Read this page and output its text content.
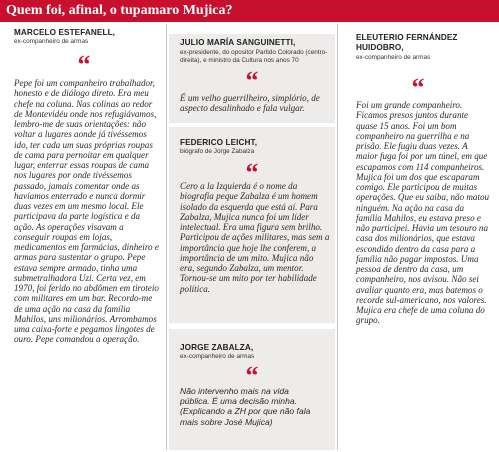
Quem foi, afinal, o tupamaro Mujica?
MARCELO ESTEFANELL,
ex-companheiro de armas
“
Pepe foi um companheiro trabalhador, honesto e de diálogo direto. Era meu chefe na coluna. Nas colinas ao redor de Montevidéu onde nos refugiávamos, lembro-me de suas orientações: não voltar a lugares aonde já tivéssemos ido, ter cada um suas próprias roupas de cama para pernoitar em qualquer lugar, enterrar essas roupas de cama nos lugares por onde tivéssemos passado, jamais comentar onde as havíamos enterrado e nunca dormir duas vezes em um mesmo local. Ele participava da parte logística e da ação. As operações visavam a conseguir roupas em lojas, medicamentos em farmácias, dinheiro e armas para sustentar o grupo. Pepe estava sempre armado, tinha uma submetralhadora Uzi. Certa vez, em 1970, foi ferido no abdômen em tiroteio com militares em um bar. Recordo-me de uma ação na casa da família Mahilos, uns milionários. Arrombamos uma caixa-forte e pegamos lingotes de ouro. Pepe comandou a operação.
JULIO MARÍA SANGUINETTI,
ex-presidente, do opositor Partido Colorado (centro-direita), e ministro da Cultura nos anos 70
“
É um velho guerrilheiro, simplório, de aspecto desalinhado e fala vulgar.
FEDERICO LEICHT,
biógrafo de Jorge Zabalza
“
Cero a la Izquierda é o nome da biografia peque Zabalza é um homem isolado da esquerda que está aí. Para Zabalza, Mujica nunca foi um líder intelectual. Era uma figura sem brilho. Participou de ações militares, mas sem a importância que hoje lhe conferem, a importância de um mito. Mujica não era, segundo Zabalza, um mentor. Tornou-se um mito por ter habilidade política.
JORGE ZABALZA,
ex-companheiro de armas
“
Não intervenho mais na vida pública. É uma decisão minha. (Explicando a ZH por que não fala mais sobre José Mujica)
ELEUTERIO FERNÁNDEZ HUIDOBRO,
ex-companheiro de armas
“
Foi um grande companheiro. Ficamos presos juntos durante quase 15 anos. Foi um bom companheiro na guerrilha e na prisão. Ele fugiu duas vezes. A maior fuga foi por um túnel, em que escapamos com 114 companheiros. Mujica foi um dos que escaparam comigo. Ele participou de muitas operações. Que eu saiba, não matou ninguém. Na ação na casa da família Mahilos, eu estava preso e não participei. Havia um tesouro na casa dos milionários, que estava escondido dentro da casa para a família não pagar impostos. Uma pessoa de dentro da casa, um companheiro, nos avisou. Não sei avaliar quanto era, mas batemos o recorde sul-americano, nos valores. Mujica era chefe de uma coluna do grupo.
